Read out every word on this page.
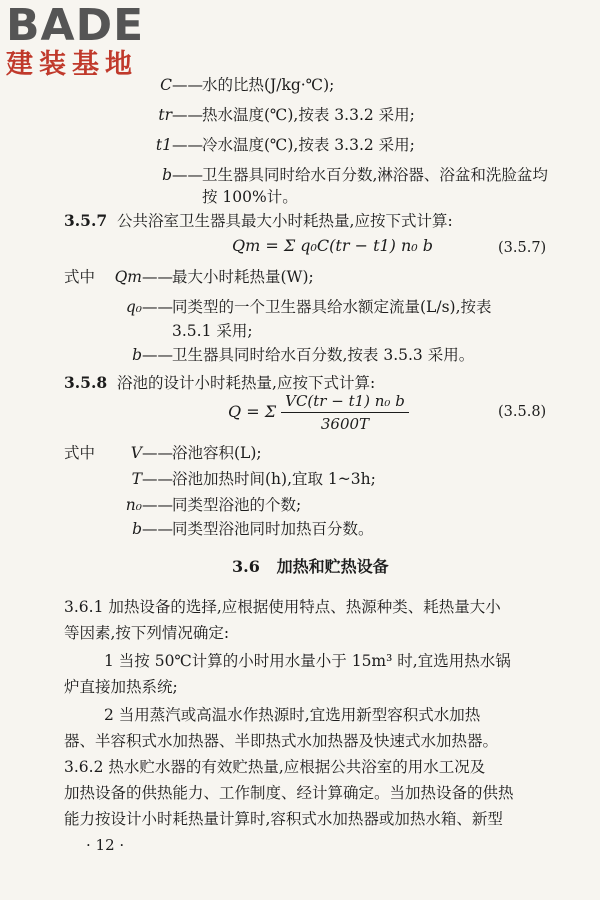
BADE
建装基地
C——水的比热(J/kg·℃);
tr——热水温度(℃),按表 3.3.2 采用;
t1——冷水温度(℃),按表 3.3.2 采用;
b——卫生器具同时给水百分数,淋浴器、浴盆和洗脸盆均
按 100%计。
3.5.7 公共浴室卫生器具最大小时耗热量,应按下式计算:
Qm = Σ q₀C(tr − t1) n₀ b	(3.5.7)
式中 Qm——最大小时耗热量(W);
q₀——同类型的一个卫生器具给水额定流量(L/s),按表
3.5.1 采用;
b——卫生器具同时给水百分数,按表 3.5.3 采用。
3.5.8 浴池的设计小时耗热量,应按下式计算:
Q = Σ $\frac{\text{VC(tr − t1) n₀ b}}{3600T}$	(3.5.8)
式中 V——浴池容积(L);
T——浴池加热时间(h),宜取 1~3h;
n₀——同类型浴池的个数;
b——同类型浴池同时加热百分数。
3.6 加热和贮热设备
3.6.1 加热设备的选择,应根据使用特点、热源种类、耗热量大小
等因素,按下列情况确定:
1 当按 50℃计算的小时用水量小于 15m³ 时,宜选用热水锅
炉直接加热系统;
2 当用蒸汽或高温水作热源时,宜选用新型容积式水加热
器、半容积式水加热器、半即热式水加热器及快速式水加热器。
3.6.2 热水贮水器的有效贮热量,应根据公共浴室的用水工况及
加热设备的供热能力、工作制度、经计算确定。当加热设备的供热
能力按设计小时耗热量计算时,容积式水加热器或加热水箱、新型
· 12 ·
